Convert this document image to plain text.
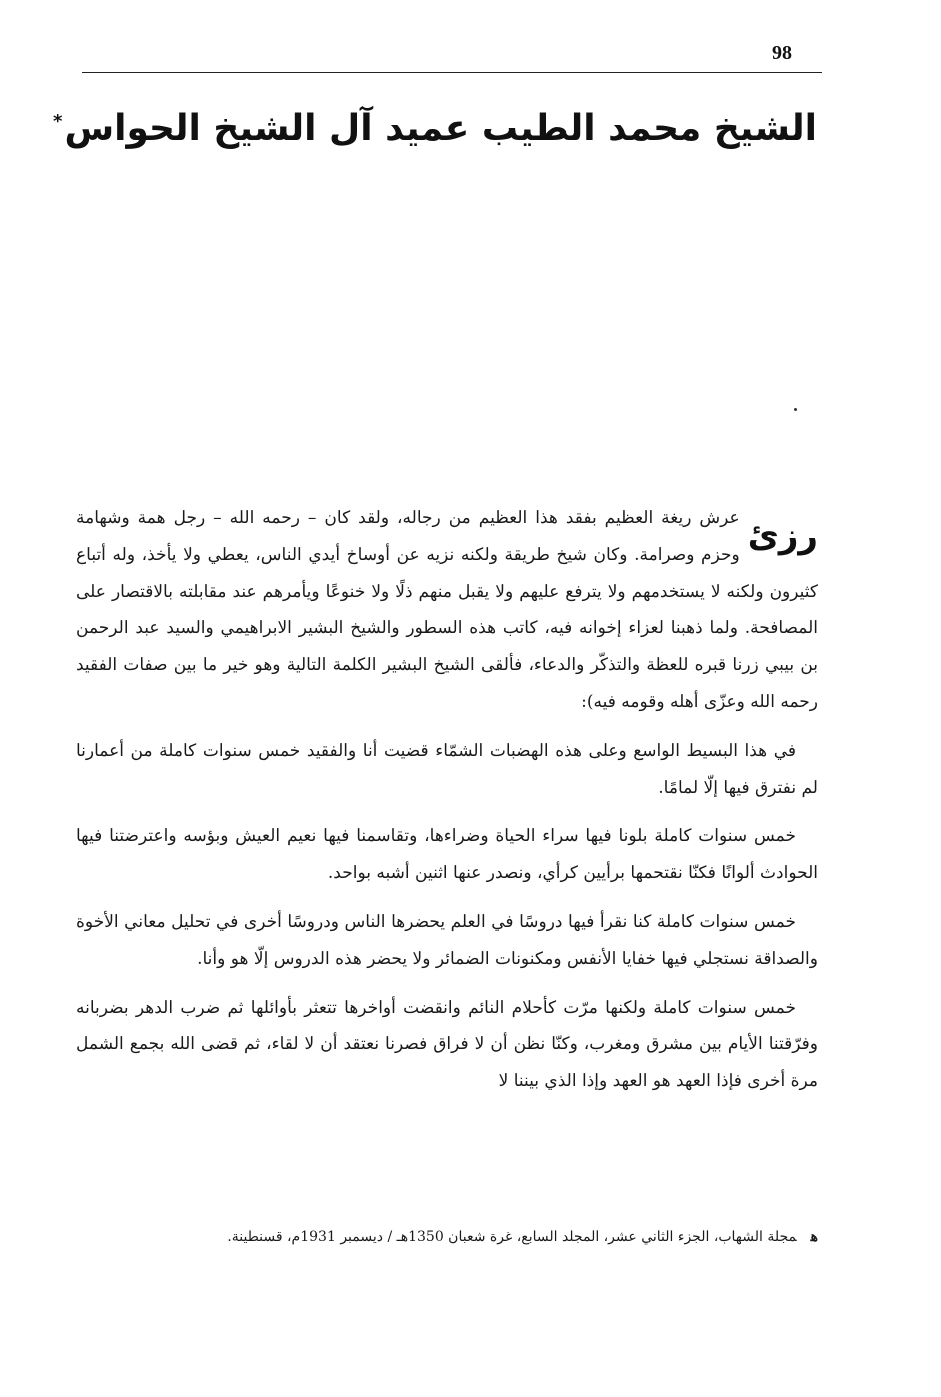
98
الشيخ محمد الطيب عميد آل الشيخ الحواس*

رزئ
عرش ريغة العظيم بفقد هذا العظيم من رجاله، ولقد كان – رحمه الله – رجل همة وشهامة وحزم وصرامة. وكان شيخ طريقة ولكنه نزيه عن أوساخ أيدي الناس، يعطي ولا يأخذ، وله أتباع كثيرون ولكنه لا يستخدمهم ولا يترفع عليهم ولا يقبل منهم ذلًا ولا خنوعًا ويأمرهم عند مقابلته بالاقتصار على المصافحة. ولما ذهبنا لعزاء إخوانه فيه، كاتب هذه السطور والشيخ البشير الابراهيمي والسيد عبد الرحمن بن بيبي زرنا قبره للعظة والتذكّر والدعاء، فألقى الشيخ البشير الكلمة التالية وهو خير ما بين صفات الفقيد رحمه الله وعزّى أهله وقومه فيه):

في هذا البسيط الواسع وعلى هذه الهضبات الشمّاء قضيت أنا والفقيد خمس سنوات كاملة من أعمارنا لم نفترق فيها إلّا لمامًا.

خمس سنوات كاملة بلونا فيها سراء الحياة وضراءها، وتقاسمنا فيها نعيم العيش وبؤسه واعترضتنا فيها الحوادث ألوانًا فكنّا نقتحمها برأيين كرأي، ونصدر عنها اثنين أشبه بواحد.

خمس سنوات كاملة كنا نقرأ فيها دروسًا في العلم يحضرها الناس ودروسًا أخرى في تحليل معاني الأخوة والصداقة نستجلي فيها خفايا الأنفس ومكنونات الضمائر ولا يحضر هذه الدروس إلّا هو وأنا.

خمس سنوات كاملة ولكنها مرّت كأحلام النائم وانقضت أواخرها تتعثر بأوائلها ثم ضرب الدهر بضربانه وفرّقتنا الأيام بين مشرق ومغرب، وكنّا نظن أن لا فراق فصرنا نعتقد أن لا لقاء، ثم قضى الله بجمع الشمل مرة أخرى فإذا العهد هو العهد وإذا الذي بيننا لا

همجلة الشهاب، الجزء الثاني عشر، المجلد السابع، غرة شعبان 1350هـ / ديسمبر 1931م، قسنطينة.
